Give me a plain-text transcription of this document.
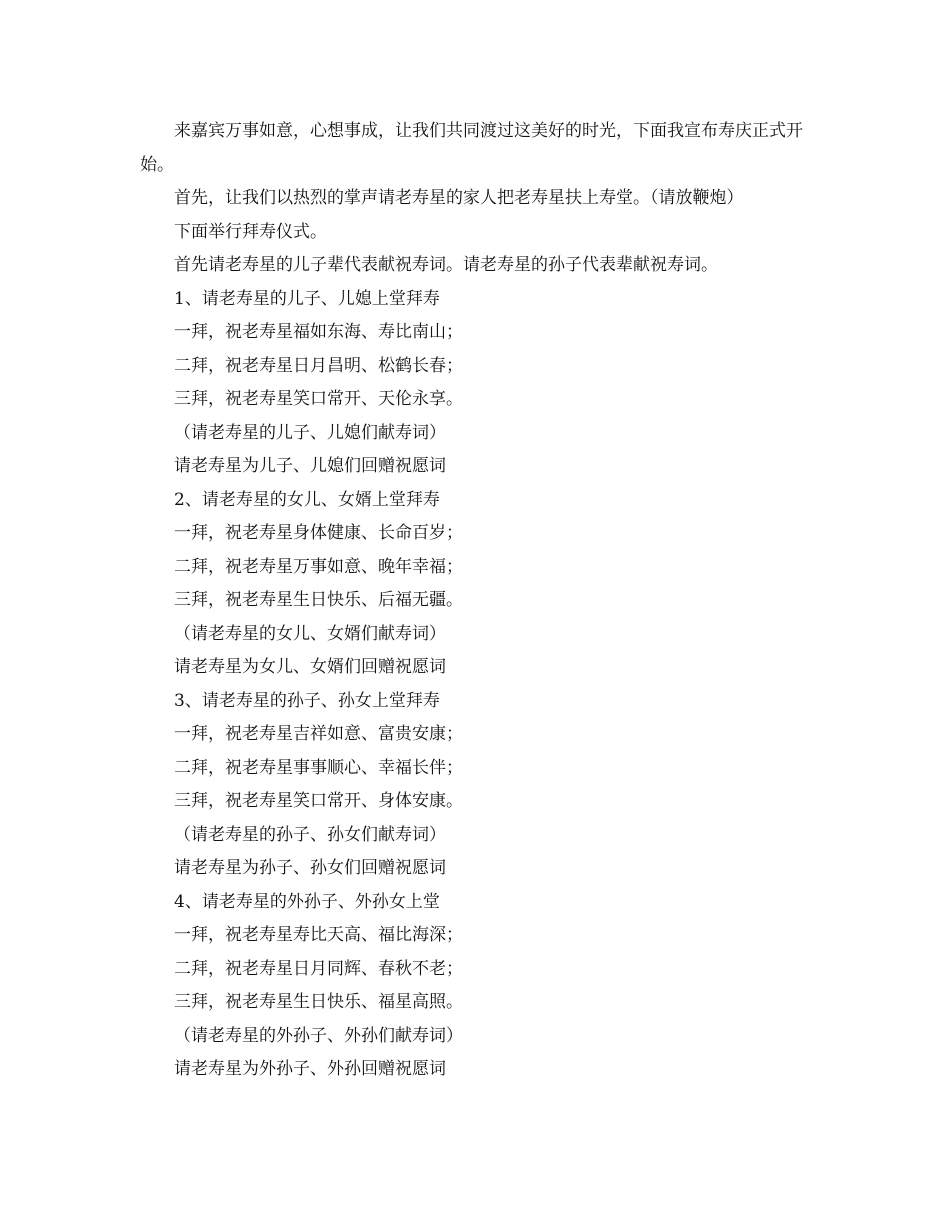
来嘉宾万事如意，心想事成，让我们共同渡过这美好的时光，下面我宣布寿庆正式开始。

首先，让我们以热烈的掌声请老寿星的家人把老寿星扶上寿堂。（请放鞭炮）
下面举行拜寿仪式。
首先请老寿星的儿子辈代表献祝寿词。请老寿星的孙子代表辈献祝寿词。
1、请老寿星的儿子、儿媳上堂拜寿
一拜，祝老寿星福如东海、寿比南山；
二拜，祝老寿星日月昌明、松鹤长春；
三拜，祝老寿星笑口常开、天伦永享。
（请老寿星的儿子、儿媳们献寿词）
请老寿星为儿子、儿媳们回赠祝愿词
2、请老寿星的女儿、女婿上堂拜寿
一拜，祝老寿星身体健康、长命百岁；
二拜，祝老寿星万事如意、晚年幸福；
三拜，祝老寿星生日快乐、后福无疆。
（请老寿星的女儿、女婿们献寿词）
请老寿星为女儿、女婿们回赠祝愿词
3、请老寿星的孙子、孙女上堂拜寿
一拜，祝老寿星吉祥如意、富贵安康；
二拜，祝老寿星事事顺心、幸福长伴；
三拜，祝老寿星笑口常开、身体安康。
（请老寿星的孙子、孙女们献寿词）
请老寿星为孙子、孙女们回赠祝愿词
4、请老寿星的外孙子、外孙女上堂
一拜，祝老寿星寿比天高、福比海深；
二拜，祝老寿星日月同辉、春秋不老；
三拜，祝老寿星生日快乐、福星高照。
（请老寿星的外孙子、外孙们献寿词）
请老寿星为外孙子、外孙回赠祝愿词
